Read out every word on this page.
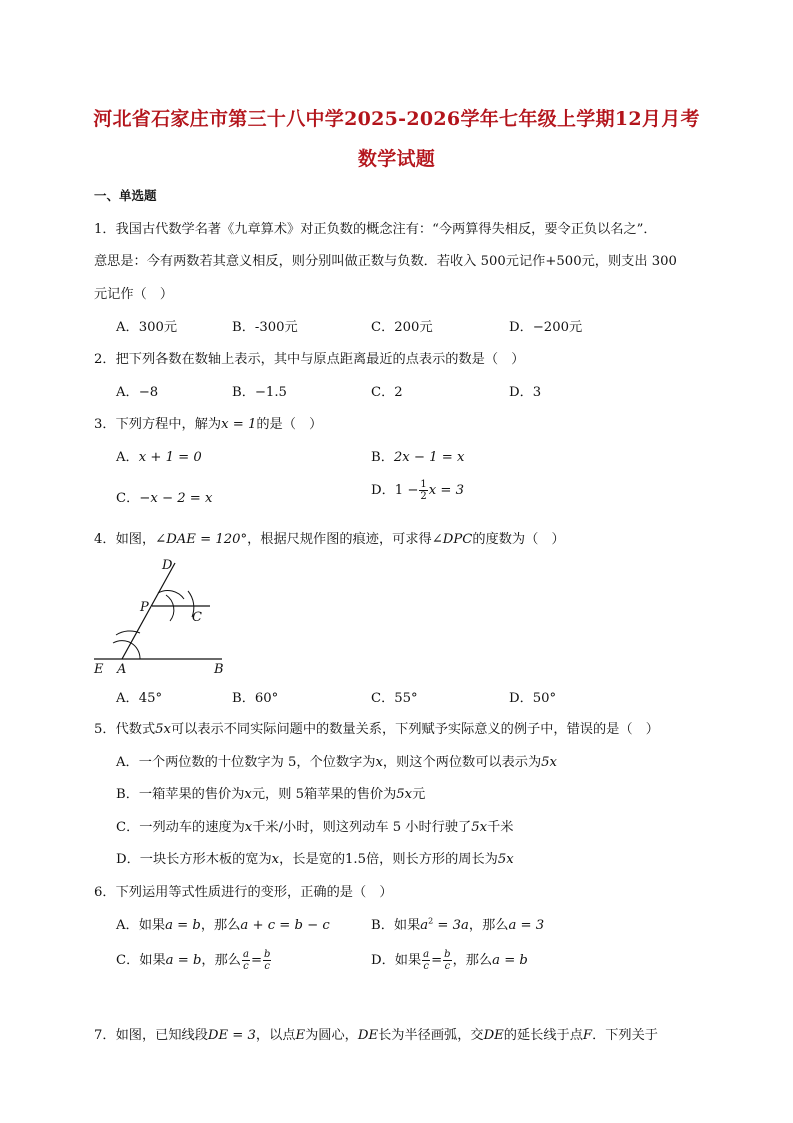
河北省石家庄市第三十八中学2025-2026学年七年级上学期12月月考
数学试题
一、单选题
1．我国古代数学名著《九章算术》对正负数的概念注有：“今两算得失相反，要令正负以名之”．
意思是：今有两数若其意义相反，则分别叫做正数与负数．若收入 500元记作+500元，则支出 300
元记作（　）
A．300元	B．-300元	C．200元	D．−200元
2．把下列各数在数轴上表示，其中与原点距离最近的点表示的数是（　）
A．−8	B．−1.5	C．2	D．3
3．下列方程中，解为x = 1的是（　）
A．x + 1 = 0	B．2x − 1 = x
C．−x − 2 = x
D．$1 - \frac{1}{2}$ x = 3
4．如图，∠DAE = 120°，根据尺规作图的痕迹，可求得∠DPC的度数为（　）
D
P
C
E A	B
A．45°	B．60°	C．55°	D．50°
5．代数式5x可以表示不同实际问题中的数量关系，下列赋予实际意义的例子中，错误的是（　）
A．一个两位数的十位数字为 5，个位数字为x，则这个两位数可以表示为5x
B．一箱苹果的售价为x元，则 5箱苹果的售价为5x元
C．一列动车的速度为x千米/小时，则这列动车 5 小时行驶了5x千米
D．一块长方形木板的宽为x，长是宽的1.5倍，则长方形的周长为5x
6．下列运用等式性质进行的变形，正确的是（　）
A．如果a = b，那么a + c = b − c	B．如果$a^2 = 3a$，那么a = 3
C．如果a = b，那么 $\frac{a}{c} = \frac{b}{c}$	D．如果 $\frac{a}{c} = \frac{b}{c}$ ，那么a = b
7．如图，已知线段DE = 3，以点E为圆心，DE长为半径画弧，交DE的延长线于点F．下列关于
